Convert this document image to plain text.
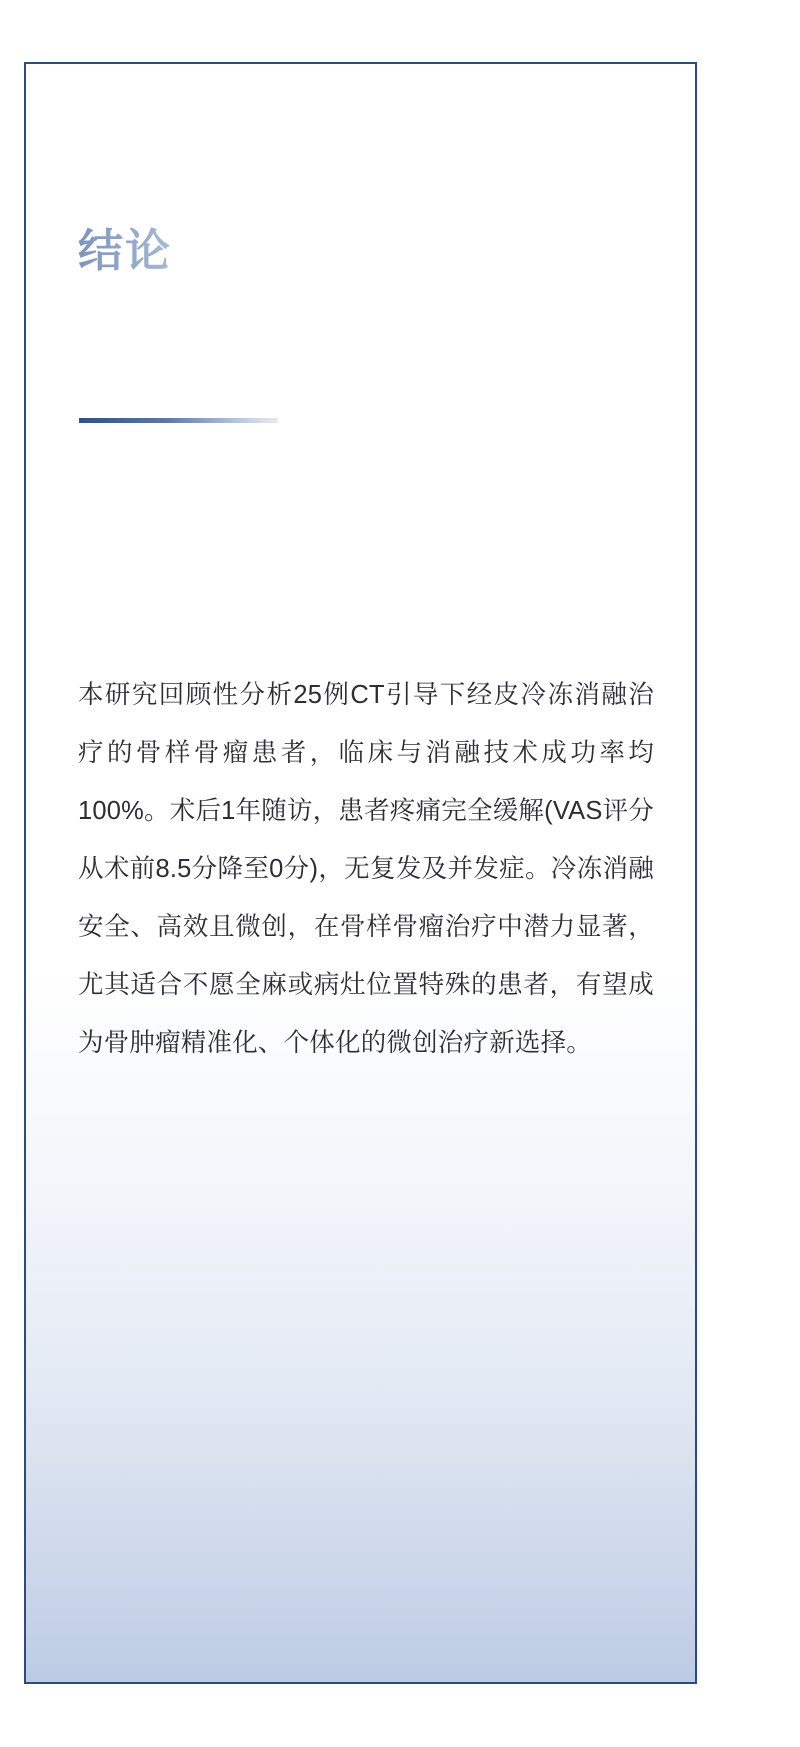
结论
本研究回顾性分析25例CT引导下经皮冷冻消融治疗的骨样骨瘤患者，临床与消融技术成功率均100%。术后1年随访，患者疼痛完全缓解(VAS评分从术前8.5分降至0分)，无复发及并发症。冷冻消融安全、高效且微创，在骨样骨瘤治疗中潜力显著，尤其适合不愿全麻或病灶位置特殊的患者，有望成为骨肿瘤精准化、个体化的微创治疗新选择。
